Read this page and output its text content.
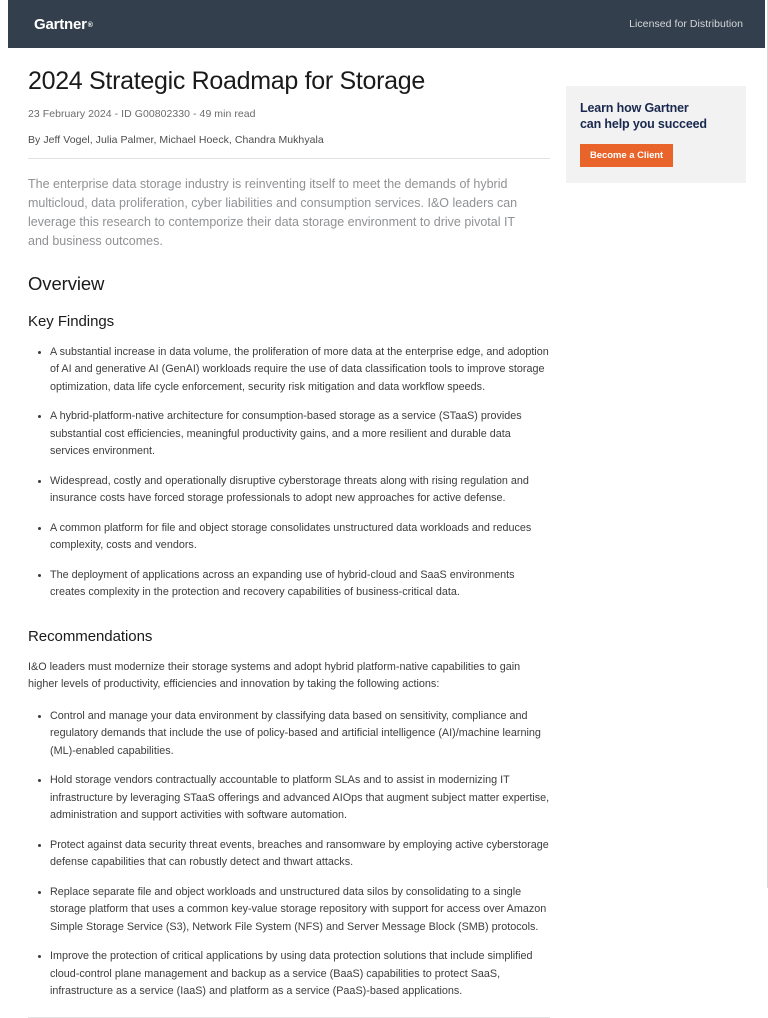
Gartner®	Licensed for Distribution
2024 Strategic Roadmap for Storage
23 February 2024 - ID G00802330 - 49 min read
By Jeff Vogel, Julia Palmer, Michael Hoeck, Chandra Mukhyala

The enterprise data storage industry is reinventing itself to meet the demands of hybrid multicloud, data proliferation, cyber liabilities and consumption services. I&O leaders can leverage this research to contemporize their data storage environment to drive pivotal IT and business outcomes.

Overview
Key Findings
A substantial increase in data volume, the proliferation of more data at the enterprise edge, and adoption of AI and generative AI (GenAI) workloads require the use of data classification tools to improve storage optimization, data life cycle enforcement, security risk mitigation and data workflow speeds.
A hybrid-platform-native architecture for consumption-based storage as a service (STaaS) provides substantial cost efficiencies, meaningful productivity gains, and a more resilient and durable data services environment.
Widespread, costly and operationally disruptive cyberstorage threats along with rising regulation and insurance costs have forced storage professionals to adopt new approaches for active defense.
A common platform for file and object storage consolidates unstructured data workloads and reduces complexity, costs and vendors.
The deployment of applications across an expanding use of hybrid-cloud and SaaS environments creates complexity in the protection and recovery capabilities of business-critical data.
Recommendations

I&O leaders must modernize their storage systems and adopt hybrid platform-native capabilities to gain higher levels of productivity, efficiencies and innovation by taking the following actions:

Control and manage your data environment by classifying data based on sensitivity, compliance and regulatory demands that include the use of policy-based and artificial intelligence (AI)/machine learning (ML)-enabled capabilities.
Hold storage vendors contractually accountable to platform SLAs and to assist in modernizing IT infrastructure by leveraging STaaS offerings and advanced AIOps that augment subject matter expertise, administration and support activities with software automation.
Protect against data security threat events, breaches and ransomware by employing active cyberstorage defense capabilities that can robustly detect and thwart attacks.
Replace separate file and object workloads and unstructured data silos by consolidating to a single storage platform that uses a common key-value storage repository with support for access over Amazon Simple Storage Service (S3), Network File System (NFS) and Server Message Block (SMB) protocols.
Improve the protection of critical applications by using data protection solutions that include simplified cloud-control plane management and backup as a service (BaaS) capabilities to protect SaaS, infrastructure as a service (IaaS) and platform as a service (PaaS)-based applications.
Learn how Gartner
can help you succeed
Become a Client
